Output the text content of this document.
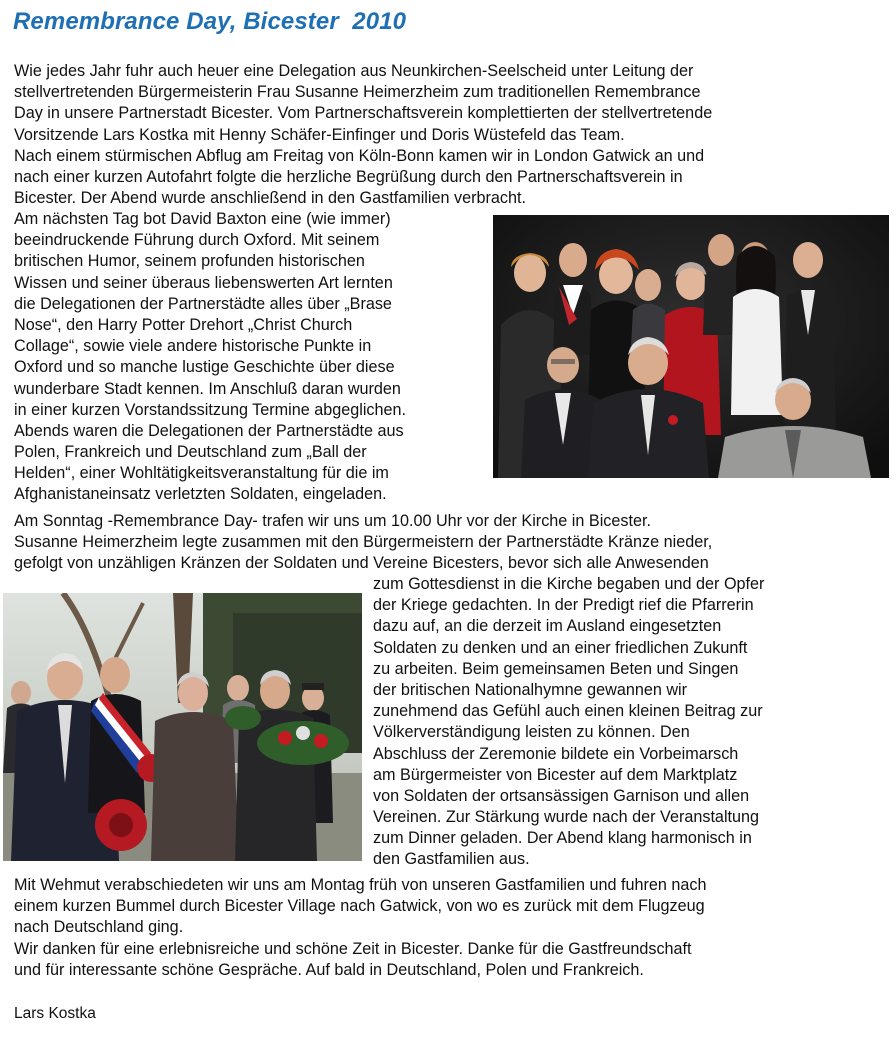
Remembrance Day, Bicester  2010
Wie jedes Jahr fuhr auch heuer eine Delegation aus Neunkirchen-Seelscheid unter Leitung der
stellvertretenden Bürgermeisterin Frau Susanne Heimerzheim zum traditionellen Remembrance
Day in unsere Partnerstadt Bicester. Vom Partnerschaftsverein komplettierten der stellvertretende
Vorsitzende Lars Kostka mit Henny Schäfer-Einfinger und Doris Wüstefeld das Team.
Nach einem stürmischen Abflug am Freitag von Köln-Bonn kamen wir in London Gatwick an und
nach einer kurzen Autofahrt folgte die herzliche Begrüßung durch den Partnerschaftsverein in
Bicester. Der Abend wurde anschließend in den Gastfamilien verbracht.
Am nächsten Tag bot David Baxton eine (wie immer)
beeindruckende Führung durch Oxford. Mit seinem
britischen Humor, seinem profunden historischen
Wissen und seiner überaus liebenswerten Art lernten
die Delegationen der Partnerstädte alles über „Brase
Nose“, den Harry Potter Drehort „Christ Church
Collage“, sowie viele andere historische Punkte in
Oxford und so manche lustige Geschichte über diese
wunderbare Stadt kennen. Im Anschluß daran wurden
in einer kurzen Vorstandssitzung Termine abgeglichen.
Abends waren die Delegationen der Partnerstädte aus
Polen, Frankreich und Deutschland zum „Ball der
Helden“, einer Wohltätigkeitsveranstaltung für die im
Afghanistaneinsatz verletzten Soldaten, eingeladen.
Am Sonntag -Remembrance Day- trafen wir uns um 10.00 Uhr vor der Kirche in Bicester.
Susanne Heimerzheim legte zusammen mit den Bürgermeistern der Partnerstädte Kränze nieder,
gefolgt von unzähligen Kränzen der Soldaten und Vereine Bicesters, bevor sich alle Anwesenden
zum Gottesdienst in die Kirche begaben und der Opfer
der Kriege gedachten. In der Predigt rief die Pfarrerin
dazu auf, an die derzeit im Ausland eingesetzten
Soldaten zu denken und an einer friedlichen Zukunft
zu arbeiten. Beim gemeinsamen Beten und Singen
der britischen Nationalhymne gewannen wir
zunehmend das Gefühl auch einen kleinen Beitrag zur
Völkerverständigung leisten zu können. Den
Abschluss der Zeremonie bildete ein Vorbeimarsch
am Bürgermeister von Bicester auf dem Marktplatz
von Soldaten der ortsansässigen Garnison und allen
Vereinen. Zur Stärkung wurde nach der Veranstaltung
zum Dinner geladen. Der Abend klang harmonisch in
den Gastfamilien aus.
Mit Wehmut verabschiedeten wir uns am Montag früh von unseren Gastfamilien und fuhren nach
einem kurzen Bummel durch Bicester Village nach Gatwick, von wo es zurück mit dem Flugzeug
nach Deutschland ging.
Wir danken für eine erlebnisreiche und schöne Zeit in Bicester. Danke für die Gastfreundschaft
und für interessante schöne Gespräche. Auf bald in Deutschland, Polen und Frankreich.
Lars Kostka
